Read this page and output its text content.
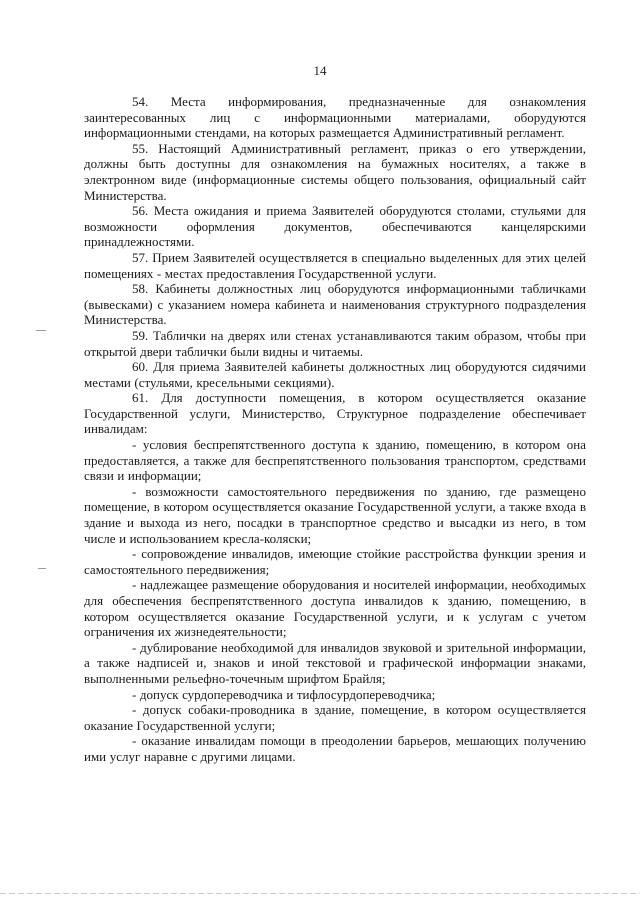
14

54. Места информирования, предназначенные для ознакомления заинтересованных лиц с информационными материалами, оборудуются информационными стендами, на которых размещается Административный регламент.

55. Настоящий Административный регламент, приказ о его утверждении, должны быть доступны для ознакомления на бумажных носителях, а также в электронном виде (информационные системы общего пользования, официальный сайт Министерства.

56. Места ожидания и приема Заявителей оборудуются столами, стульями для возможности оформления документов, обеспечиваются канцелярскими принадлежностями.

57. Прием Заявителей осуществляется в специально выделенных для этих целей помещениях - местах предоставления Государственной услуги.

58. Кабинеты должностных лиц оборудуются информационными табличками (вывесками) с указанием номера кабинета и наименования структурного подразделения Министерства.

59. Таблички на дверях или стенах устанавливаются таким образом, чтобы при открытой двери таблички были видны и читаемы.

60. Для приема Заявителей кабинеты должностных лиц оборудуются сидячими местами (стульями, кресельными секциями).

61. Для доступности помещения, в котором осуществляется оказание Государственной услуги, Министерство, Структурное подразделение обеспечивает инвалидам:

- условия беспрепятственного доступа к зданию, помещению, в котором она предоставляется, а также для беспрепятственного пользования транспортом, средствами связи и информации;

- возможности самостоятельного передвижения по зданию, где размещено помещение, в котором осуществляется оказание Государственной услуги, а также входа в здание и выхода из него, посадки в транспортное средство и высадки из него, в том числе и использованием кресла-коляски;

- сопровождение инвалидов, имеющие стойкие расстройства функции зрения и самостоятельного передвижения;

- надлежащее размещение оборудования и носителей информации, необходимых для обеспечения беспрепятственного доступа инвалидов к зданию, помещению, в котором осуществляется оказание Государственной услуги, и к услугам с учетом ограничения их жизнедеятельности;

- дублирование необходимой для инвалидов звуковой и зрительной информации, а также надписей и, знаков и иной текстовой и графической информации знаками, выполненными рельефно-точечным шрифтом Брайля;

- допуск сурдопереводчика и тифлосурдопереводчика;

- допуск собаки-проводника в здание, помещение, в котором осуществляется оказание Государственной услуги;

- оказание инвалидам помощи в преодолении барьеров, мешающих получению ими услуг наравне с другими лицами.
